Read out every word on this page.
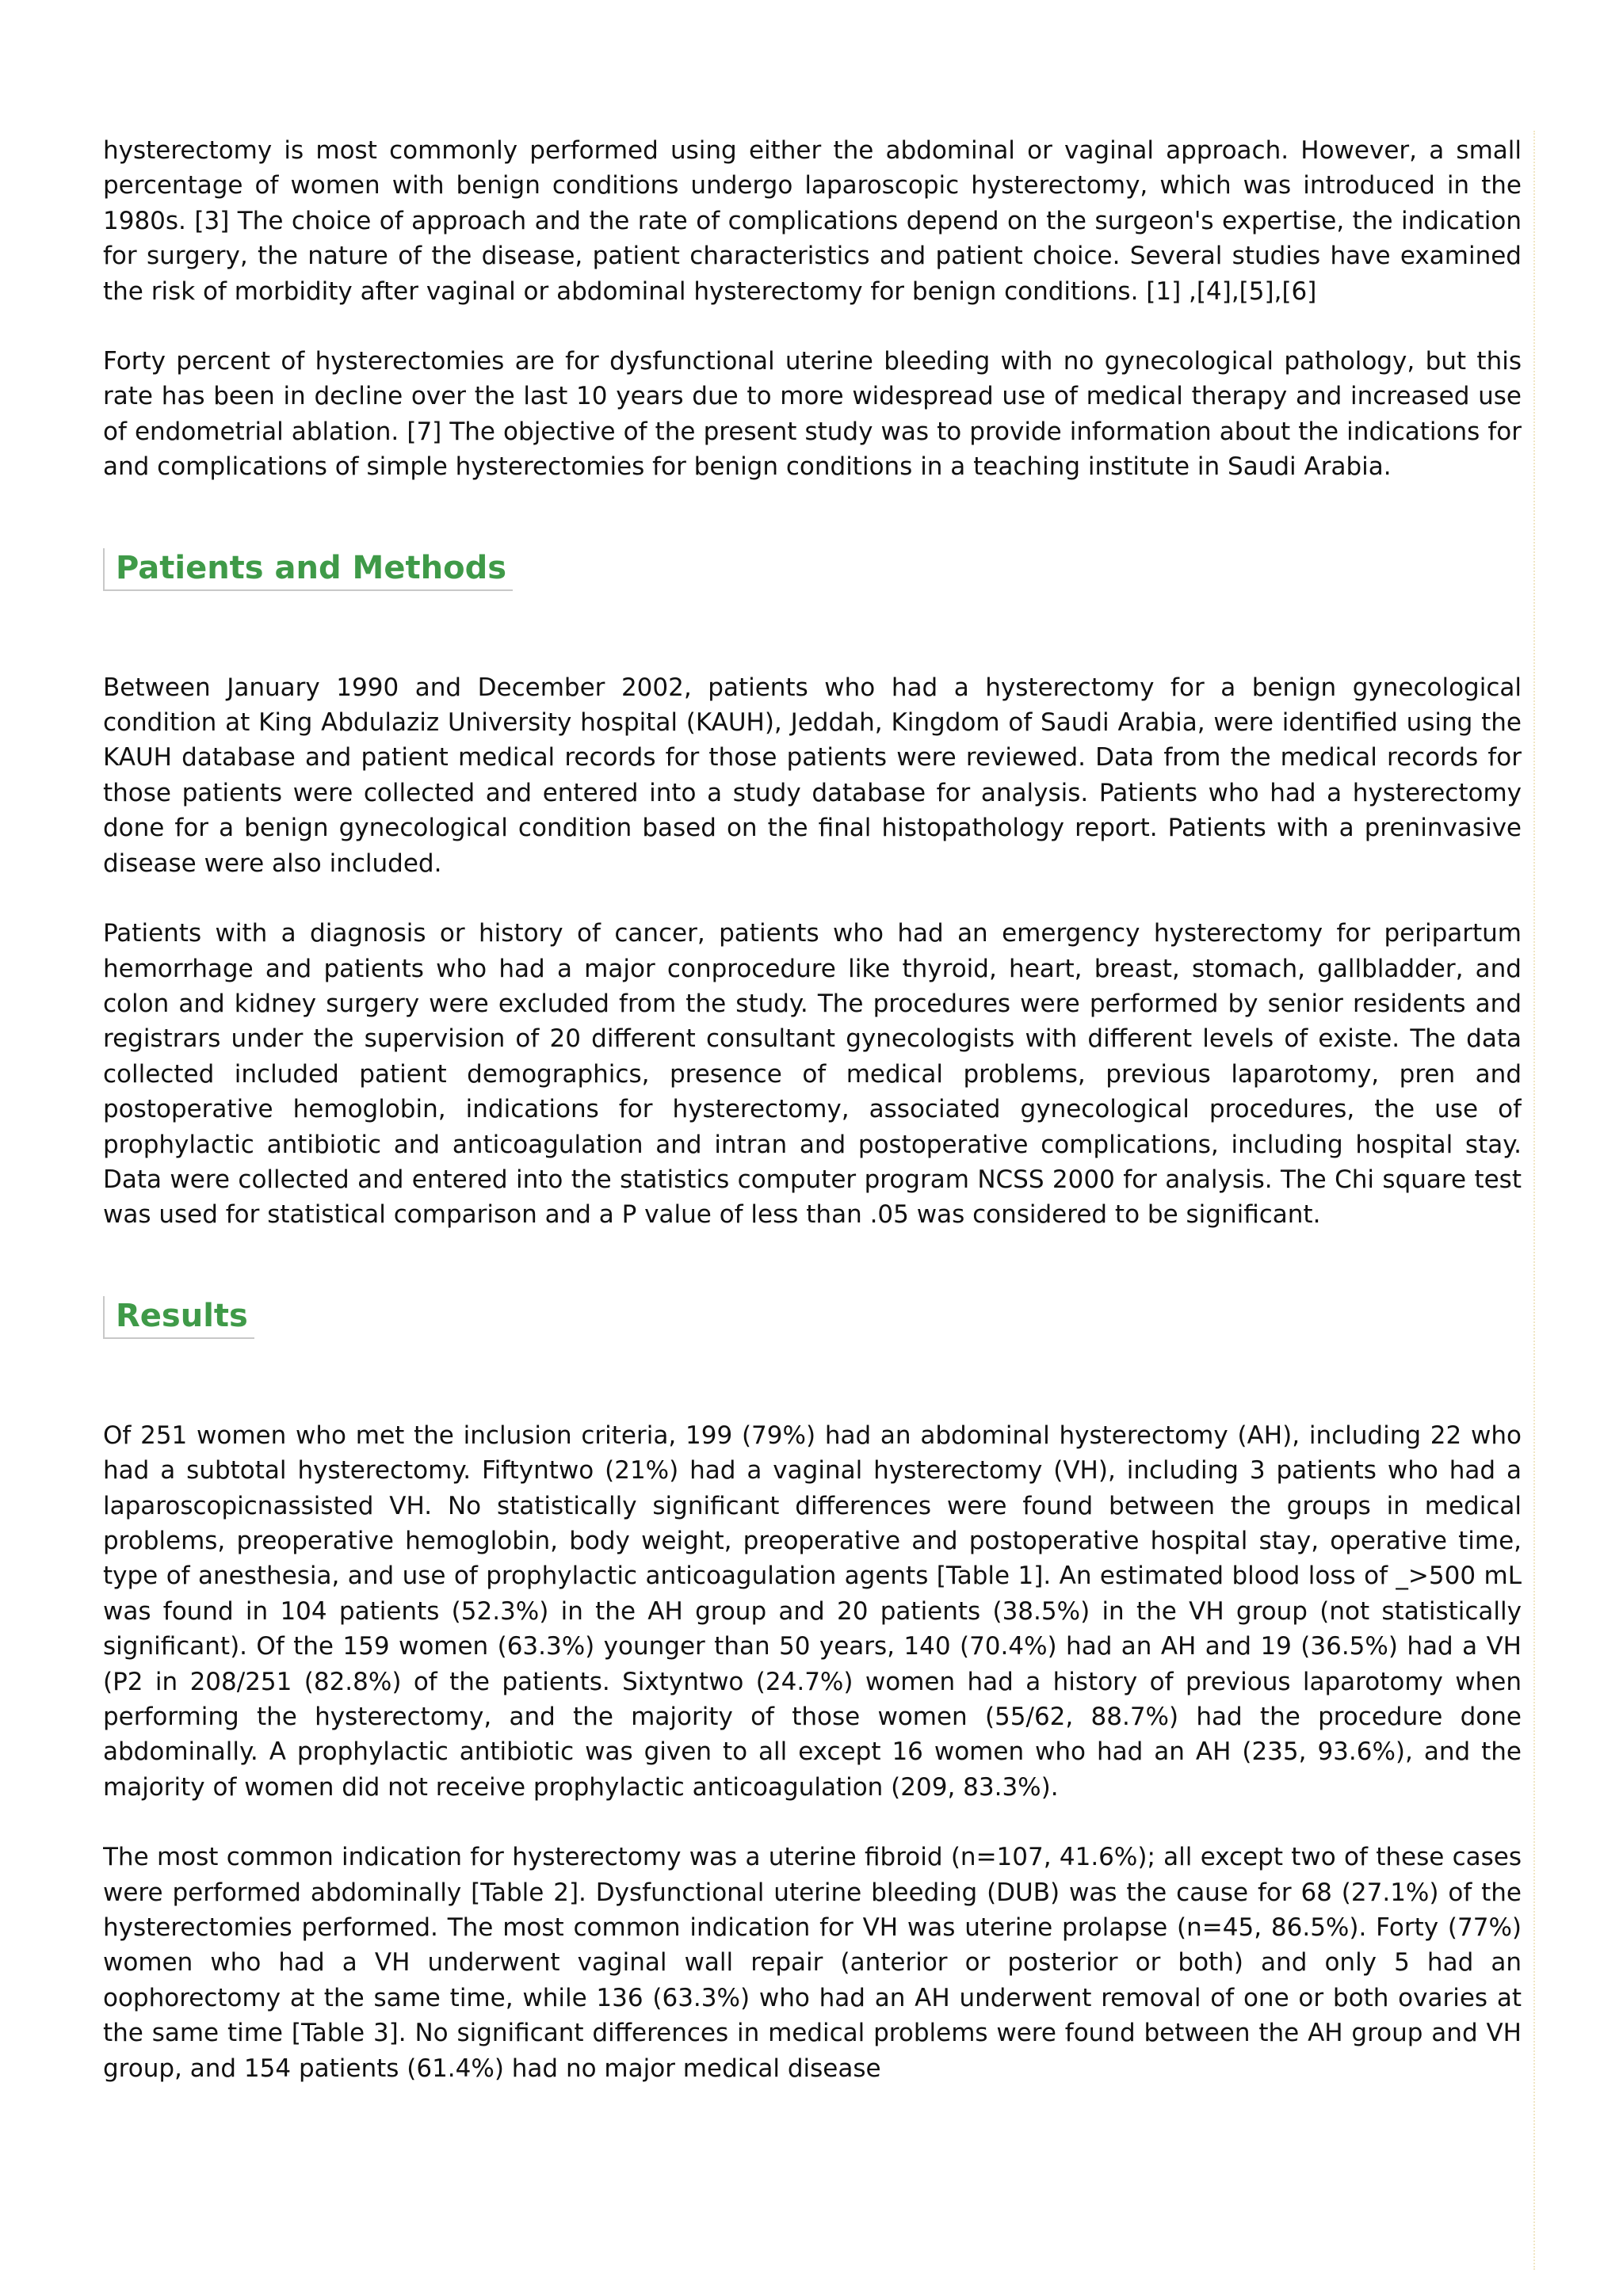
hysterectomy is most commonly performed using either the abdominal or vaginal approach. However, a small percentage of women with benign conditions undergo laparoscopic hysterectomy, which was introduced in the 1980s. [3] The choice of approach and the rate of complications depend on the surgeon's expertise, the indication for surgery, the nature of the disease, patient characteristics and patient choice. Several studies have examined the risk of morbidity after vaginal or abdominal hysterectomy for benign conditions. [1] ,[4],[5],[6]

Forty percent of hysterectomies are for dysfunctional uterine bleeding with no gynecological pathology, but this rate has been in decline over the last 10 years due to more widespread use of medical therapy and increased use of endometrial ablation. [7] The objective of the present study was to provide information about the indications for and complications of simple hysterectomies for benign conditions in a teaching institute in Saudi Arabia.

Patients and Methods

Between January 1990 and December 2002, patients who had a hysterectomy for a benign gynecological condition at King Abdulaziz University hospital (KAUH), Jeddah, Kingdom of Saudi Arabia, were identified using the KAUH database and patient medical records for those patients were reviewed. Data from the medical records for those patients were collected and entered into a study database for analysis. Patients who had a hysterectomy done for a benign gynecological condition based on the final histopathology report. Patients with a preninvasive disease were also included.

Patients with a diagnosis or history of cancer, patients who had an emergency hysterectomy for peripartum hemorrhage and patients who had a major conprocedure like thyroid, heart, breast, stomach, gallbladder, and colon and kidney surgery were excluded from the study. The procedures were performed by senior residents and registrars under the supervision of 20 different consultant gynecologists with different levels of existe. The data collected included patient demographics, presence of medical problems, previous laparotomy, pren and postoperative hemoglobin, indications for hysterectomy, associated gynecological procedures, the use of prophylactic antibiotic and anticoagulation and intran and postoperative complications, including hospital stay. Data were collected and entered into the statistics computer program NCSS 2000 for analysis. The Chi square test was used for statistical comparison and a P value of less than .05 was considered to be significant.

Results

Of 251 women who met the inclusion criteria, 199 (79%) had an abdominal hysterectomy (AH), including 22 who had a subtotal hysterectomy. Fiftyntwo (21%) had a vaginal hysterectomy (VH), including 3 patients who had a laparoscopicnassisted VH. No statistically significant differences were found between the groups in medical problems, preoperative hemoglobin, body weight, preoperative and postoperative hospital stay, operative time, type of anesthesia, and use of prophylactic anticoagulation agents [Table 1]. An estimated blood loss of _>500 mL was found in 104 patients (52.3%) in the AH group and 20 patients (38.5%) in the VH group (not statistically significant). Of the 159 women (63.3%) younger than 50 years, 140 (70.4%) had an AH and 19 (36.5%) had a VH (P2 in 208/251 (82.8%) of the patients. Sixtyntwo (24.7%) women had a history of previous laparotomy when performing the hysterectomy, and the majority of those women (55/62, 88.7%) had the procedure done abdominally. A prophylactic antibiotic was given to all except 16 women who had an AH (235, 93.6%), and the majority of women did not receive prophylactic anticoagulation (209, 83.3%).

The most common indication for hysterectomy was a uterine fibroid (n=107, 41.6%); all except two of these cases were performed abdominally [Table 2]. Dysfunctional uterine bleeding (DUB) was the cause for 68 (27.1%) of the hysterectomies performed. The most common indication for VH was uterine prolapse (n=45, 86.5%). Forty (77%) women who had a VH underwent vaginal wall repair (anterior or posterior or both) and only 5 had an oophorectomy at the same time, while 136 (63.3%) who had an AH underwent removal of one or both ovaries at the same time [Table 3]. No significant differences in medical problems were found between the AH group and VH group, and 154 patients (61.4%) had no major medical disease
